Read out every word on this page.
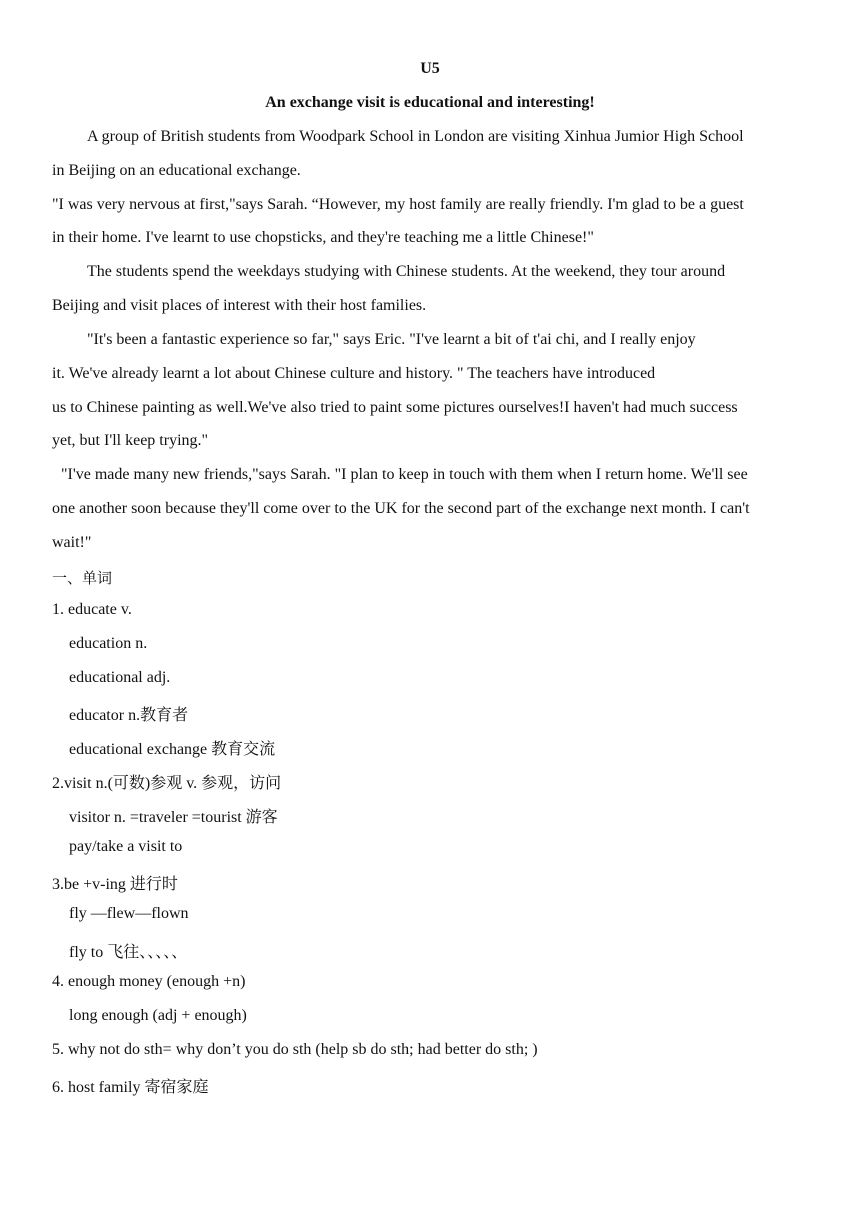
U5
An exchange visit is educational and interesting!
A group of British students from Woodpark School in London are visiting Xinhua Jumior High School
in Beijing on an educational exchange.
"I was very nervous at first,"says Sarah. “However, my host family are really friendly. I'm glad to be a guest
in their home. I've learnt to use chopsticks, and they're teaching me a little Chinese!"
The students spend the weekdays studying with Chinese students. At the weekend, they tour around
Beijing and visit places of interest with their host families.
"It's been a fantastic experience so far," says Eric. "I've learnt a bit of t'ai chi, and I really enjoy
it. We've already learnt a lot about Chinese culture and history. " The teachers have introduced
us to Chinese painting as well.We've also tried to paint some pictures ourselves!I haven't had much success
yet, but I'll keep trying."
"I've made many new friends,"says Sarah. "I plan to keep in touch with them when I return home. We'll see
one another soon because they'll come over to the UK for the second part of the exchange next month. I can't
wait!"
一、单词
1. educate v.
education n.
educational adj.
educator n.教育者
educational exchange 教育交流
2.visit n.(可数)参观 v. 参观，访问
visitor n. =traveler =tourist 游客
pay/take a visit to
3.be +v-ing 进行时
fly —flew—flown
fly to 飞往、、、、、
4. enough money (enough +n)
long enough (adj + enough)
5. why not do sth= why don’t you do sth (help sb do sth; had better do sth; )
6. host family 寄宿家庭
